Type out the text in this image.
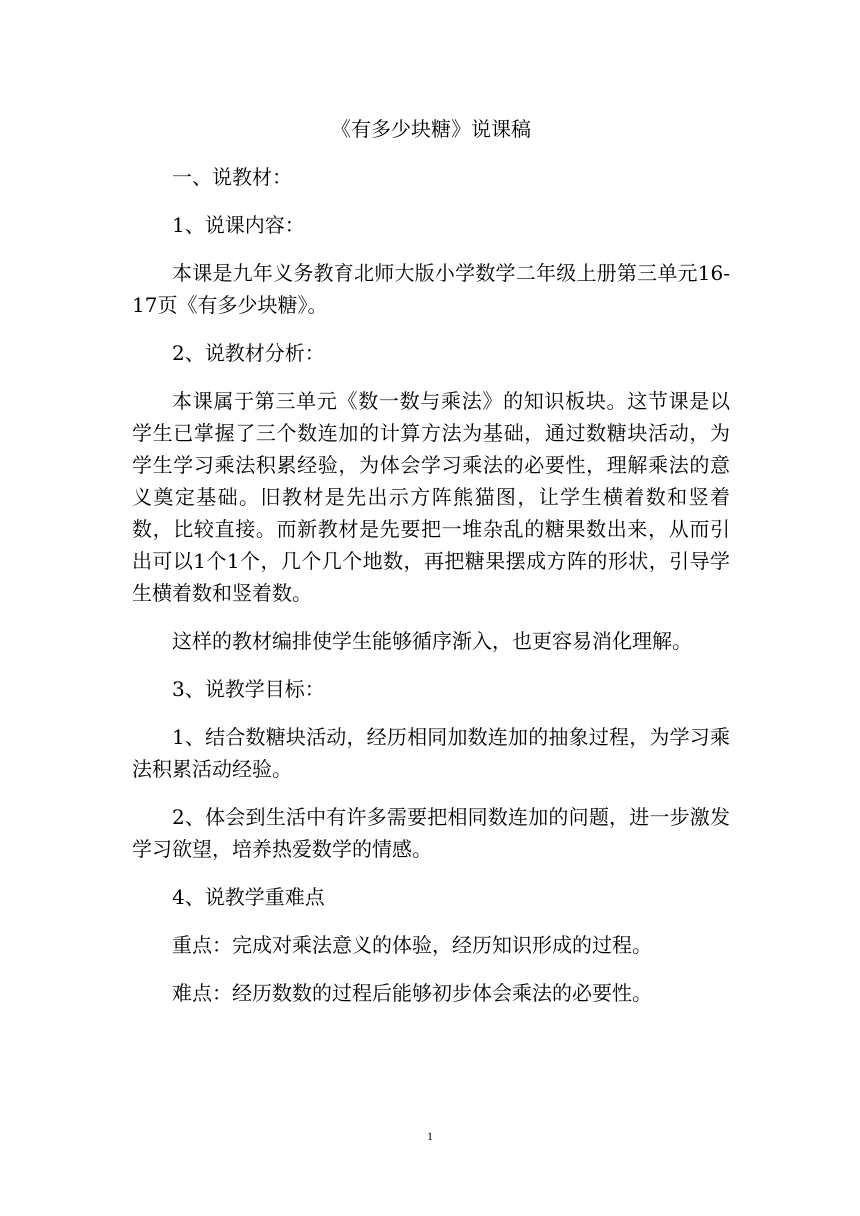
《有多少块糖》说课稿

一、说教材：

1、说课内容：

本课是九年义务教育北师大版小学数学二年级上册第三单元16-17页《有多少块糖》。

2、说教材分析：

本课属于第三单元《数一数与乘法》的知识板块。这节课是以学生已掌握了三个数连加的计算方法为基础，通过数糖块活动，为学生学习乘法积累经验，为体会学习乘法的必要性，理解乘法的意义奠定基础。旧教材是先出示方阵熊猫图，让学生横着数和竖着数，比较直接。而新教材是先要把一堆杂乱的糖果数出来，从而引出可以1个1个，几个几个地数，再把糖果摆成方阵的形状，引导学生横着数和竖着数。

这样的教材编排使学生能够循序渐入，也更容易消化理解。

3、说教学目标：

1、结合数糖块活动，经历相同加数连加的抽象过程，为学习乘法积累活动经验。

2、体会到生活中有许多需要把相同数连加的问题，进一步激发学习欲望，培养热爱数学的情感。

4、说教学重难点

重点：完成对乘法意义的体验，经历知识形成的过程。

难点：经历数数的过程后能够初步体会乘法的必要性。

1
